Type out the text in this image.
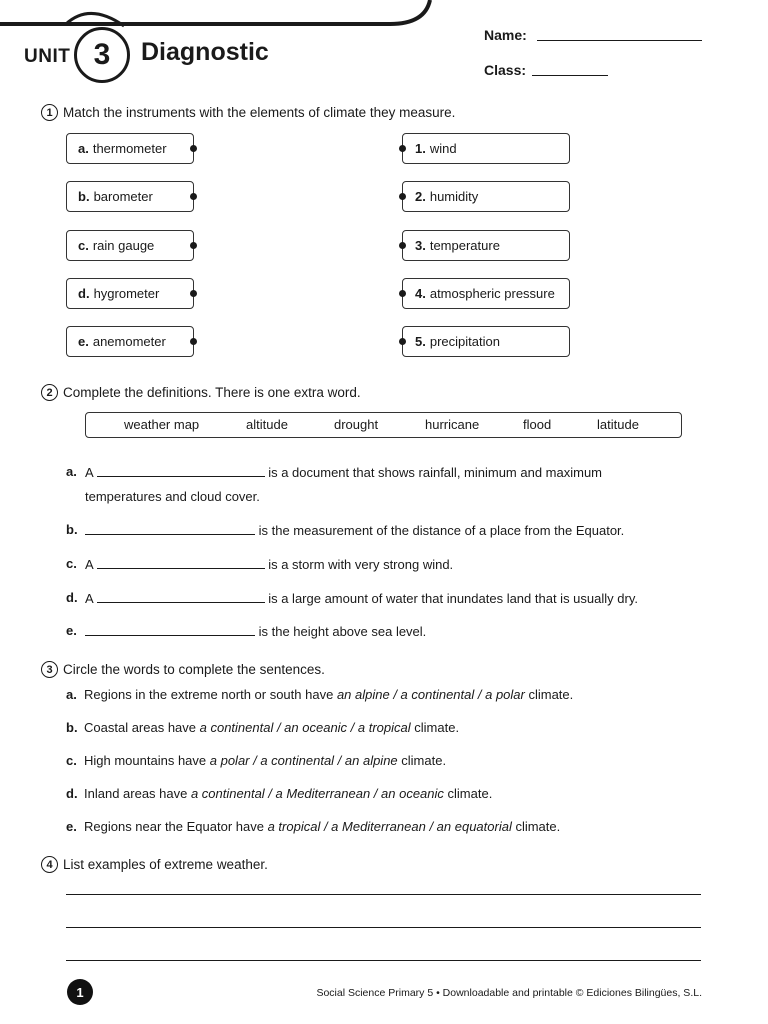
UNIT 3	Diagnostic
Name:
Class:
1 Match the instruments with the elements of climate they measure.
a. thermometer
b. barometer
c. rain gauge
d. hygrometer
e. anemometer
1. wind
2. humidity
3. temperature
4. atmospheric pressure
5. precipitation
2 Complete the definitions. There is one extra word.
weather map	altitude	drought	hurricane	flood	latitude
a. A	is a document that shows rainfall, minimum and maximum
temperatures and cloud cover.
b.	is the measurement of the distance of a place from the Equator.
c. A	is a storm with very strong wind.
d. A	is a large amount of water that inundates land that is usually dry.
e.	is the height above sea level.
3 Circle the words to complete the sentences.
a. Regions in the extreme north or south have an alpine / a continental / a polar climate.
b. Coastal areas have a continental / an oceanic / a tropical climate.
c. High mountains have a polar / a continental / an alpine climate.
d. Inland areas have a continental / a Mediterranean / an oceanic climate.
e. Regions near the Equator have a tropical / a Mediterranean / an equatorial climate.
4 List examples of extreme weather.
1	Social Science Primary 5 • Downloadable and printable © Ediciones Bilingües, S.L.
